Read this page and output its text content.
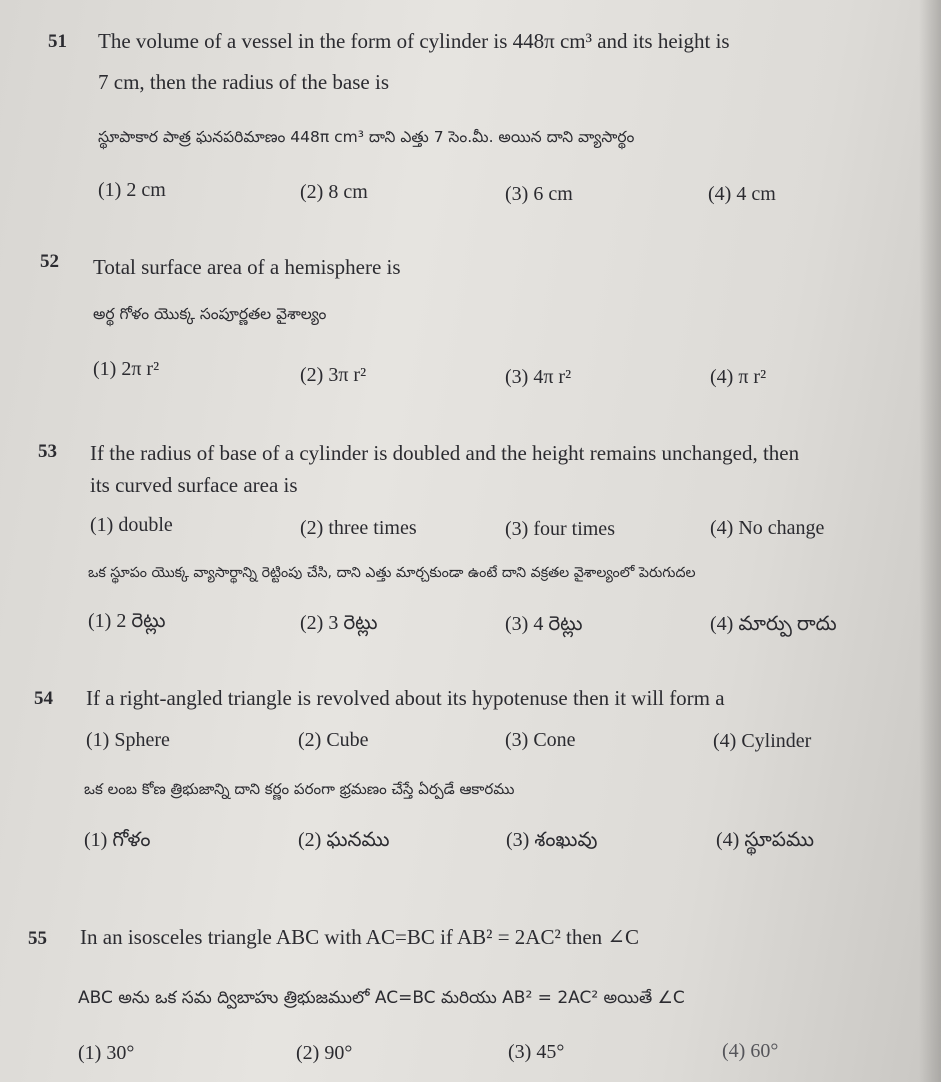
51 The volume of a vessel in the form of cylinder is 448π cm³ and its height is
7 cm, then the radius of the base is
స్థూపాకార పాత్ర ఘనపరిమాణం 448π cm³ దాని ఎత్తు 7 సెం.మీ. అయిన దాని వ్యాసార్థం
(1) 2 cm	(2) 8 cm	(3) 6 cm	(4) 4 cm
52 Total surface area of a hemisphere is
అర్థ గోళం యొక్క సంపూర్ణతల వైశాల్యం
(1) 2π r²	(2) 3π r²	(3) 4π r²	(4) π r²
53 If the radius of base of a cylinder is doubled and the height remains unchanged, then
its curved surface area is
(1) double	(2) three times	(3) four times	(4) No change
ఒక స్థూపం యొక్క వ్యాసార్థాన్ని రెట్టింపు చేసి, దాని ఎత్తు మార్చకుండా ఉంటే దాని వక్రతల వైశాల్యంలో పెరుగుదల
(1) 2 రెట్లు	(2) 3 రెట్లు	(3) 4 రెట్లు	(4) మార్పు రాదు
54 If a right-angled triangle is revolved about its hypotenuse then it will form a
(1) Sphere	(2) Cube	(3) Cone	(4) Cylinder
ఒక లంబ కోణ త్రిభుజాన్ని దాని కర్ణం పరంగా భ్రమణం చేస్తే ఏర్పడే ఆకారము
(1) గోళం	(2) ఘనము	(3) శంఖువు	(4) స్థూపము
55 In an isosceles triangle ABC with AC=BC if AB² = 2AC² then ∠C
ABC అను ఒక సమ ద్విబాహు త్రిభుజములో AC=BC మరియు AB² = 2AC² అయితే ∠C
(1) 30°	(2) 90°	(3) 45°	(4) 60°
